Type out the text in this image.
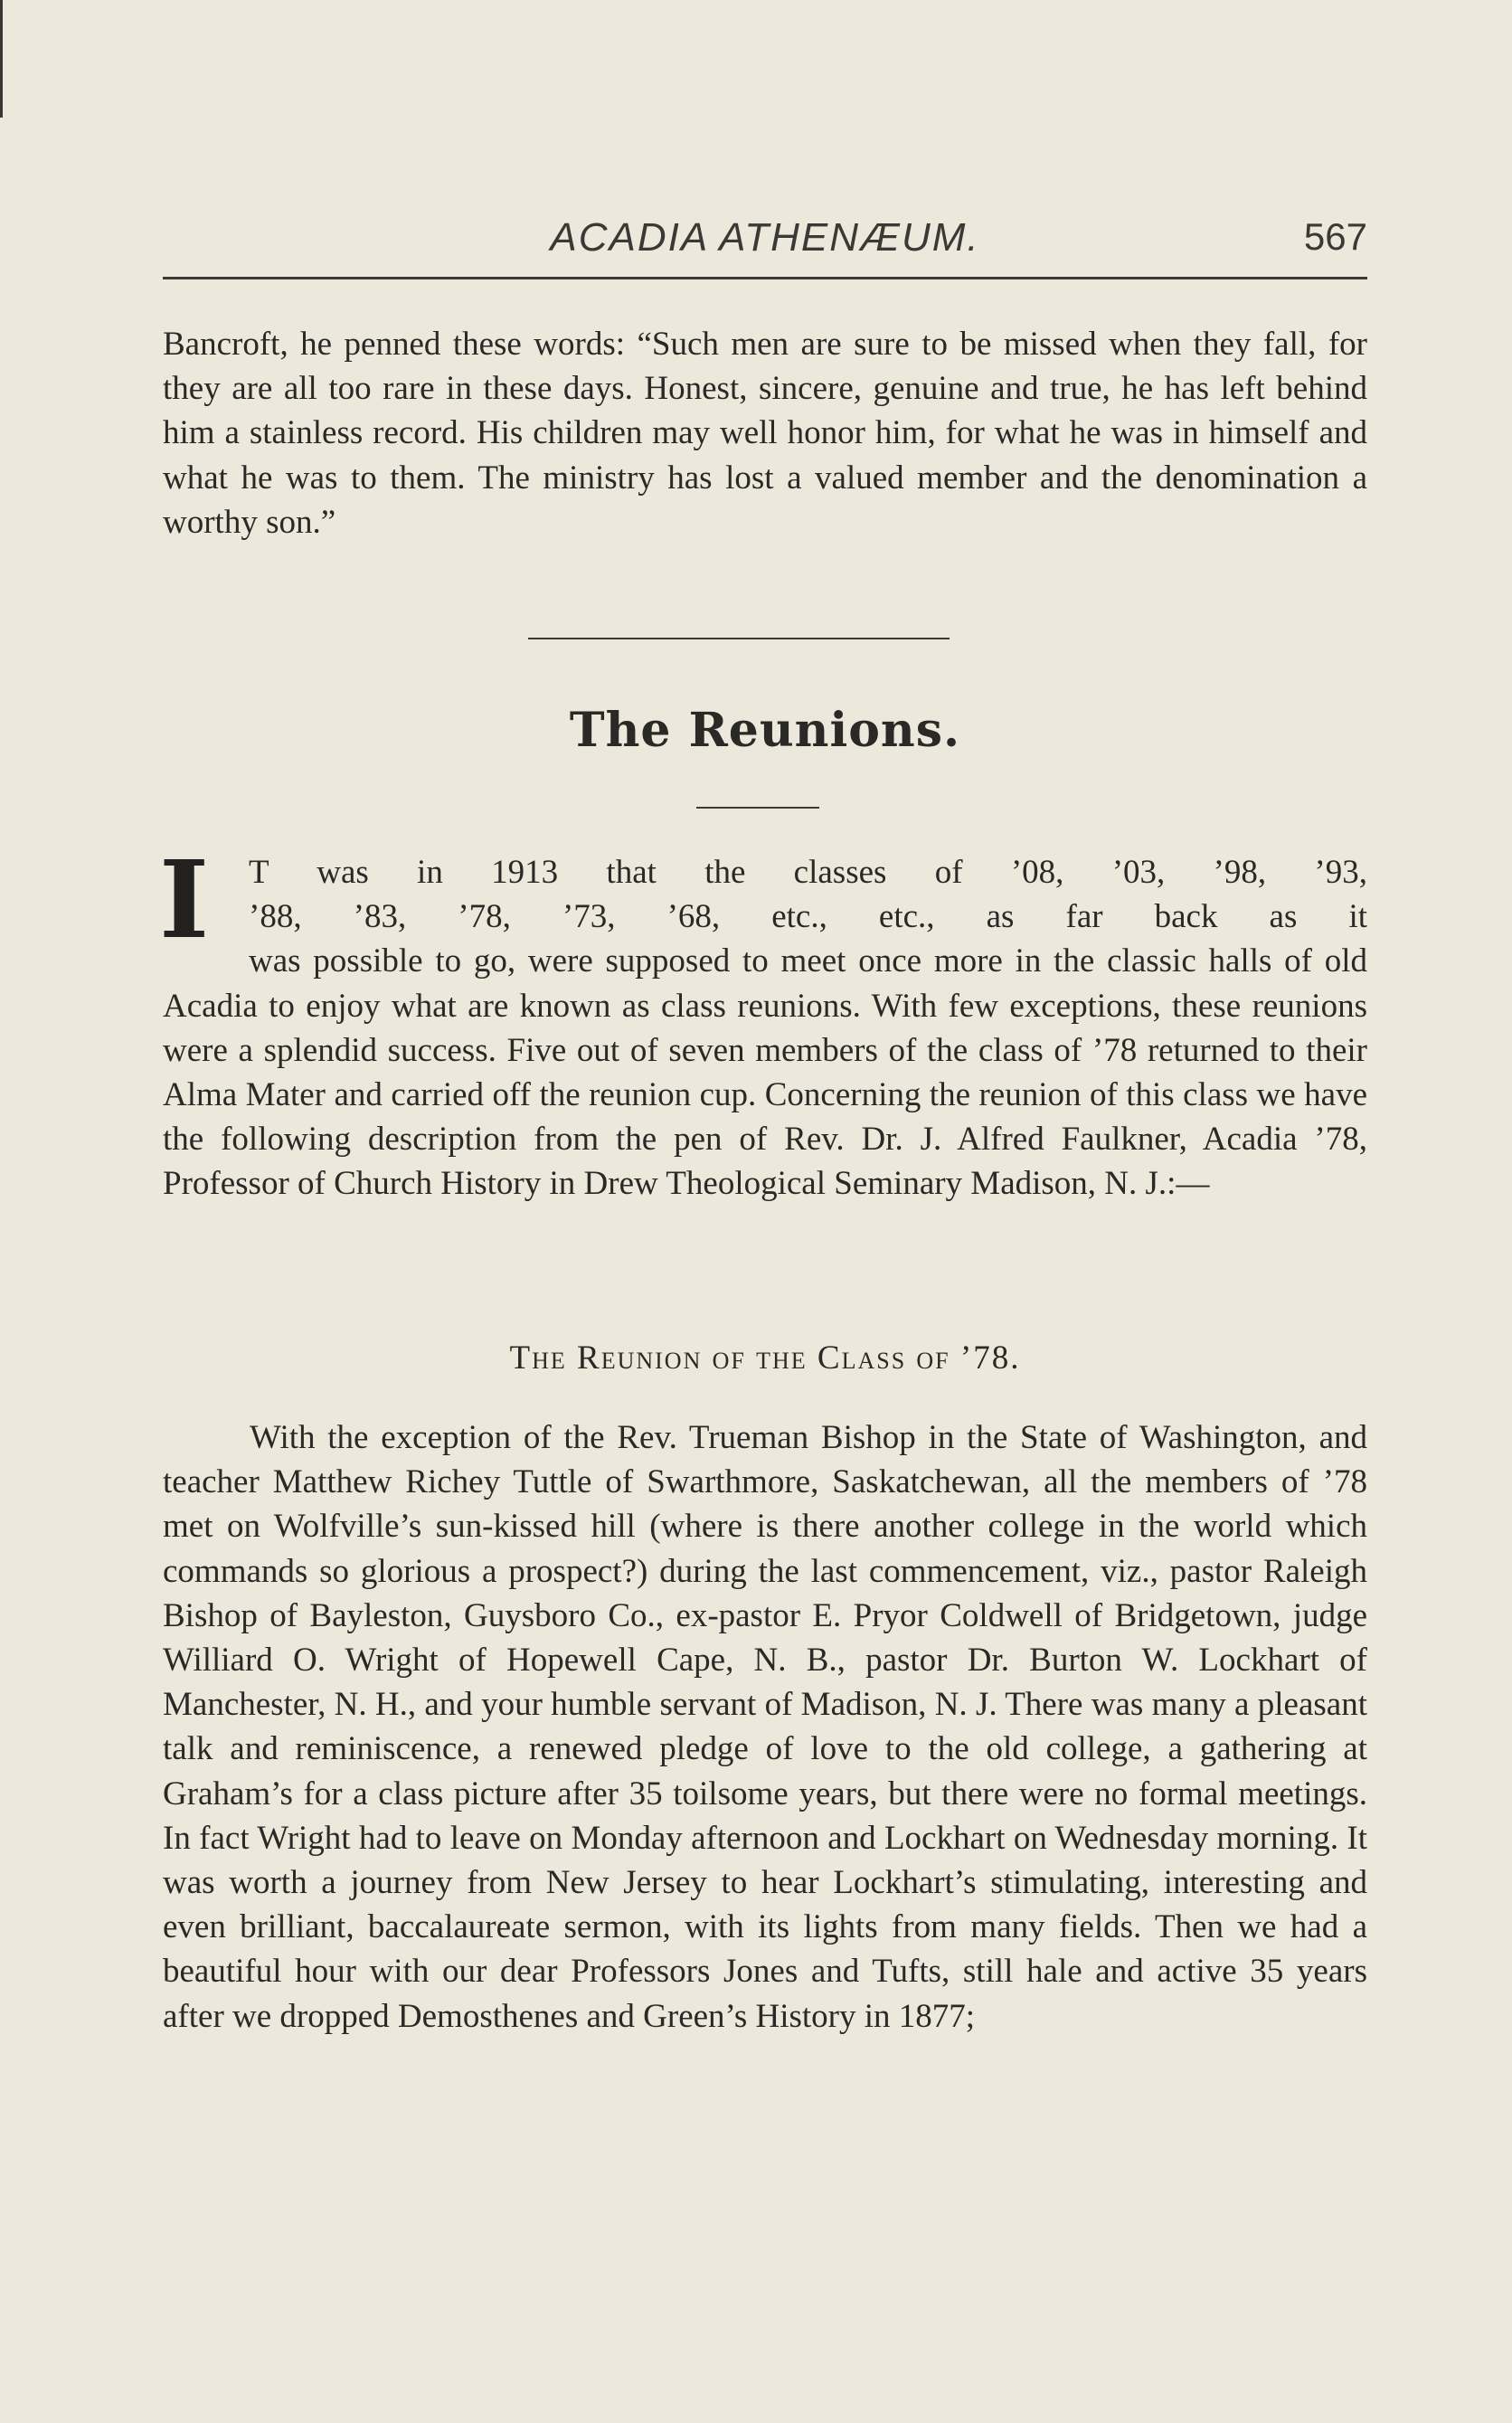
ACADIA ATHENÆUM.	567

Bancroft, he penned these words: “Such men are sure to be missed when they fall, for they are all too rare in these days. Honest, sincere, genuine and true, he has left behind him a stainless record. His children may well honor him, for what he was in himself and what he was to them. The ministry has lost a valued member and the denomination a worthy son.”

The Reunions.
I	T was in 1913 that the classes of ’08, ’03, ’98, ’93, ’88, ’83, ’78, ’73, ’68, etc., etc., as far back as it was possible to go, were supposed to meet once more in the classic halls of old Acadia to enjoy what are known as class reunions. With few exceptions, these reunions were a splendid success. Five out of seven members of the class of ’78 returned to their Alma Mater and carried off the reunion cup. Concerning the reunion of this class we have the following description from the pen of Rev. Dr. J. Alfred Faulkner, Acadia ’78, Professor of Church History in Drew Theological Seminary Madison, N. J.:—
The Reunion of the Class of ’78.

With the exception of the Rev. Trueman Bishop in the State of Washington, and teacher Matthew Richey Tuttle of Swarthmore, Saskatchewan, all the members of ’78 met on Wolfville’s sun-kissed hill (where is there another college in the world which commands so glorious a prospect?) during the last commencement, viz., pastor Raleigh Bishop of Bayleston, Guysboro Co., ex-pastor E. Pryor Coldwell of Bridgetown, judge Williard O. Wright of Hopewell Cape, N. B., pastor Dr. Burton W. Lockhart of Manchester, N. H., and your humble servant of Madison, N. J. There was many a pleasant talk and reminiscence, a renewed pledge of love to the old college, a gathering at Graham’s for a class picture after 35 toilsome years, but there were no formal meetings. In fact Wright had to leave on Monday afternoon and Lockhart on Wednesday morning. It was worth a journey from New Jersey to hear Lockhart’s stimulating, interesting and even brilliant, baccalaureate sermon, with its lights from many fields. Then we had a beautiful hour with our dear Professors Jones and Tufts, still hale and active 35 years after we dropped Demosthenes and Green’s History in 1877;
